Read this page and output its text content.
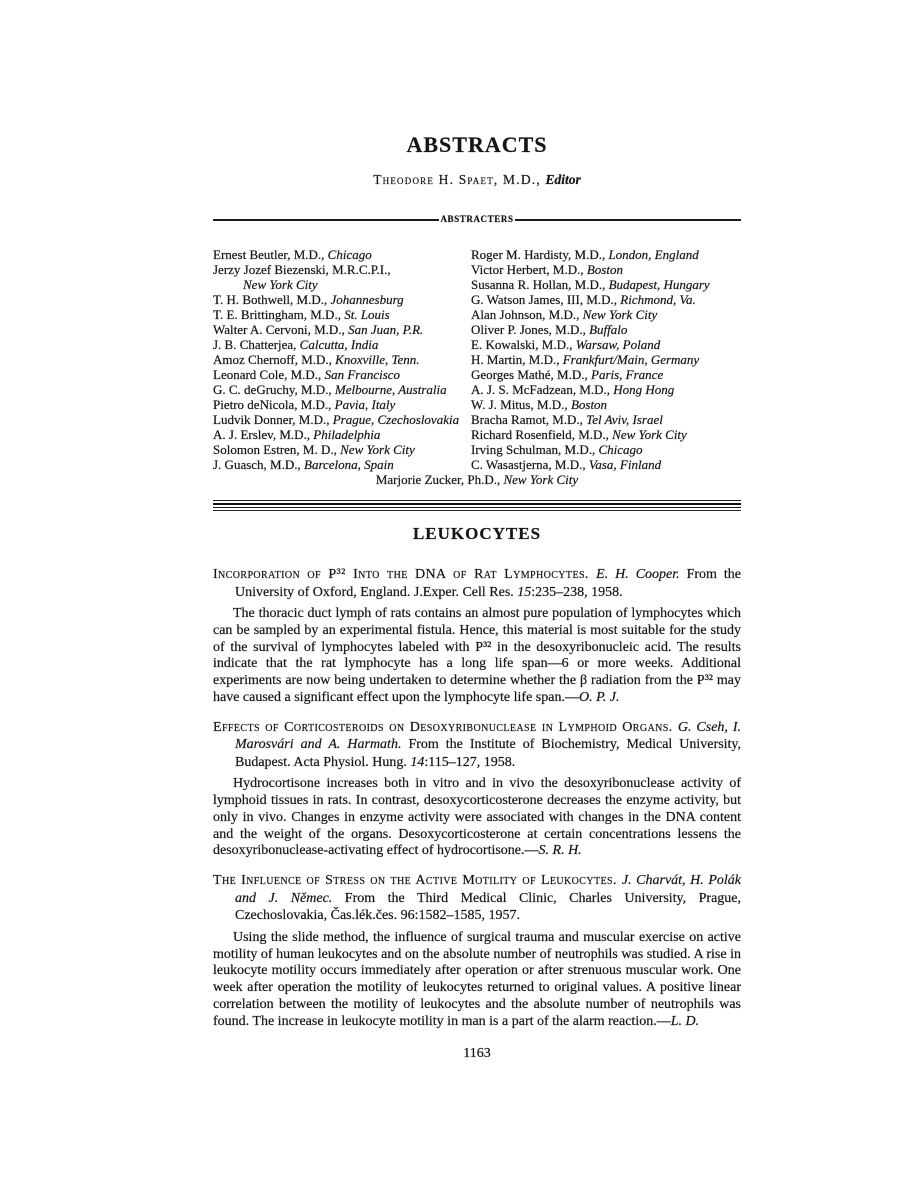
ABSTRACTS
Theodore H. Spaet, M.D., Editor
ABSTRACTERS
Ernest Beutler, M.D., Chicago
Jerzy Jozef Biezenski, M.R.C.P.I.,
New York City
T. H. Bothwell, M.D., Johannesburg
T. E. Brittingham, M.D., St. Louis
Walter A. Cervoni, M.D., San Juan, P.R.
J. B. Chatterjea, Calcutta, India
Amoz Chernoff, M.D., Knoxville, Tenn.
Leonard Cole, M.D., San Francisco
G. C. deGruchy, M.D., Melbourne, Australia
Pietro deNicola, M.D., Pavia, Italy
Ludvik Donner, M.D., Prague, Czechoslovakia
A. J. Erslev, M.D., Philadelphia
Solomon Estren, M. D., New York City
J. Guasch, M.D., Barcelona, Spain
Roger M. Hardisty, M.D., London, England
Victor Herbert, M.D., Boston
Susanna R. Hollan, M.D., Budapest, Hungary
G. Watson James, III, M.D., Richmond, Va.
Alan Johnson, M.D., New York City
Oliver P. Jones, M.D., Buffalo
E. Kowalski, M.D., Warsaw, Poland
H. Martin, M.D., Frankfurt/Main, Germany
Georges Mathé, M.D., Paris, France
A. J. S. McFadzean, M.D., Hong Hong
W. J. Mitus, M.D., Boston
Bracha Ramot, M.D., Tel Aviv, Israel
Richard Rosenfield, M.D., New York City
Irving Schulman, M.D., Chicago
C. Wasastjerna, M.D., Vasa, Finland
Marjorie Zucker, Ph.D., New York City
LEUKOCYTES
Incorporation of P³² Into the DNA of Rat Lymphocytes. E. H. Cooper. From the University of Oxford, England. J.Exper. Cell Res. 15:235–238, 1958.
The thoracic duct lymph of rats contains an almost pure population of lymphocytes which can be sampled by an experimental fistula. Hence, this material is most suitable for the study of the survival of lymphocytes labeled with P³² in the desoxyribonucleic acid. The results indicate that the rat lymphocyte has a long life span—6 or more weeks. Additional experiments are now being undertaken to determine whether the β radiation from the P³² may have caused a significant effect upon the lymphocyte life span.—O. P. J.
Effects of Corticosteroids on Desoxyribonuclease in Lymphoid Organs. G. Cseh, I. Marosvári and A. Harmath. From the Institute of Biochemistry, Medical University, Budapest. Acta Physiol. Hung. 14:115–127, 1958.
Hydrocortisone increases both in vitro and in vivo the desoxyribonuclease activity of lymphoid tissues in rats. In contrast, desoxycorticosterone decreases the enzyme activity, but only in vivo. Changes in enzyme activity were associated with changes in the DNA content and the weight of the organs. Desoxycorticosterone at certain concentrations lessens the desoxyribonuclease-activating effect of hydrocortisone.—S. R. H.
The Influence of Stress on the Active Motility of Leukocytes. J. Charvát, H. Polák and J. Němec. From the Third Medical Clinic, Charles University, Prague, Czechoslovakia, Čas.lék.čes. 96:1582–1585, 1957.
Using the slide method, the influence of surgical trauma and muscular exercise on active motility of human leukocytes and on the absolute number of neutrophils was studied. A rise in leukocyte motility occurs immediately after operation or after strenuous muscular work. One week after operation the motility of leukocytes returned to original values. A positive linear correlation between the motility of leukocytes and the absolute number of neutrophils was found. The increase in leukocyte motility in man is a part of the alarm reaction.—L. D.
1163
